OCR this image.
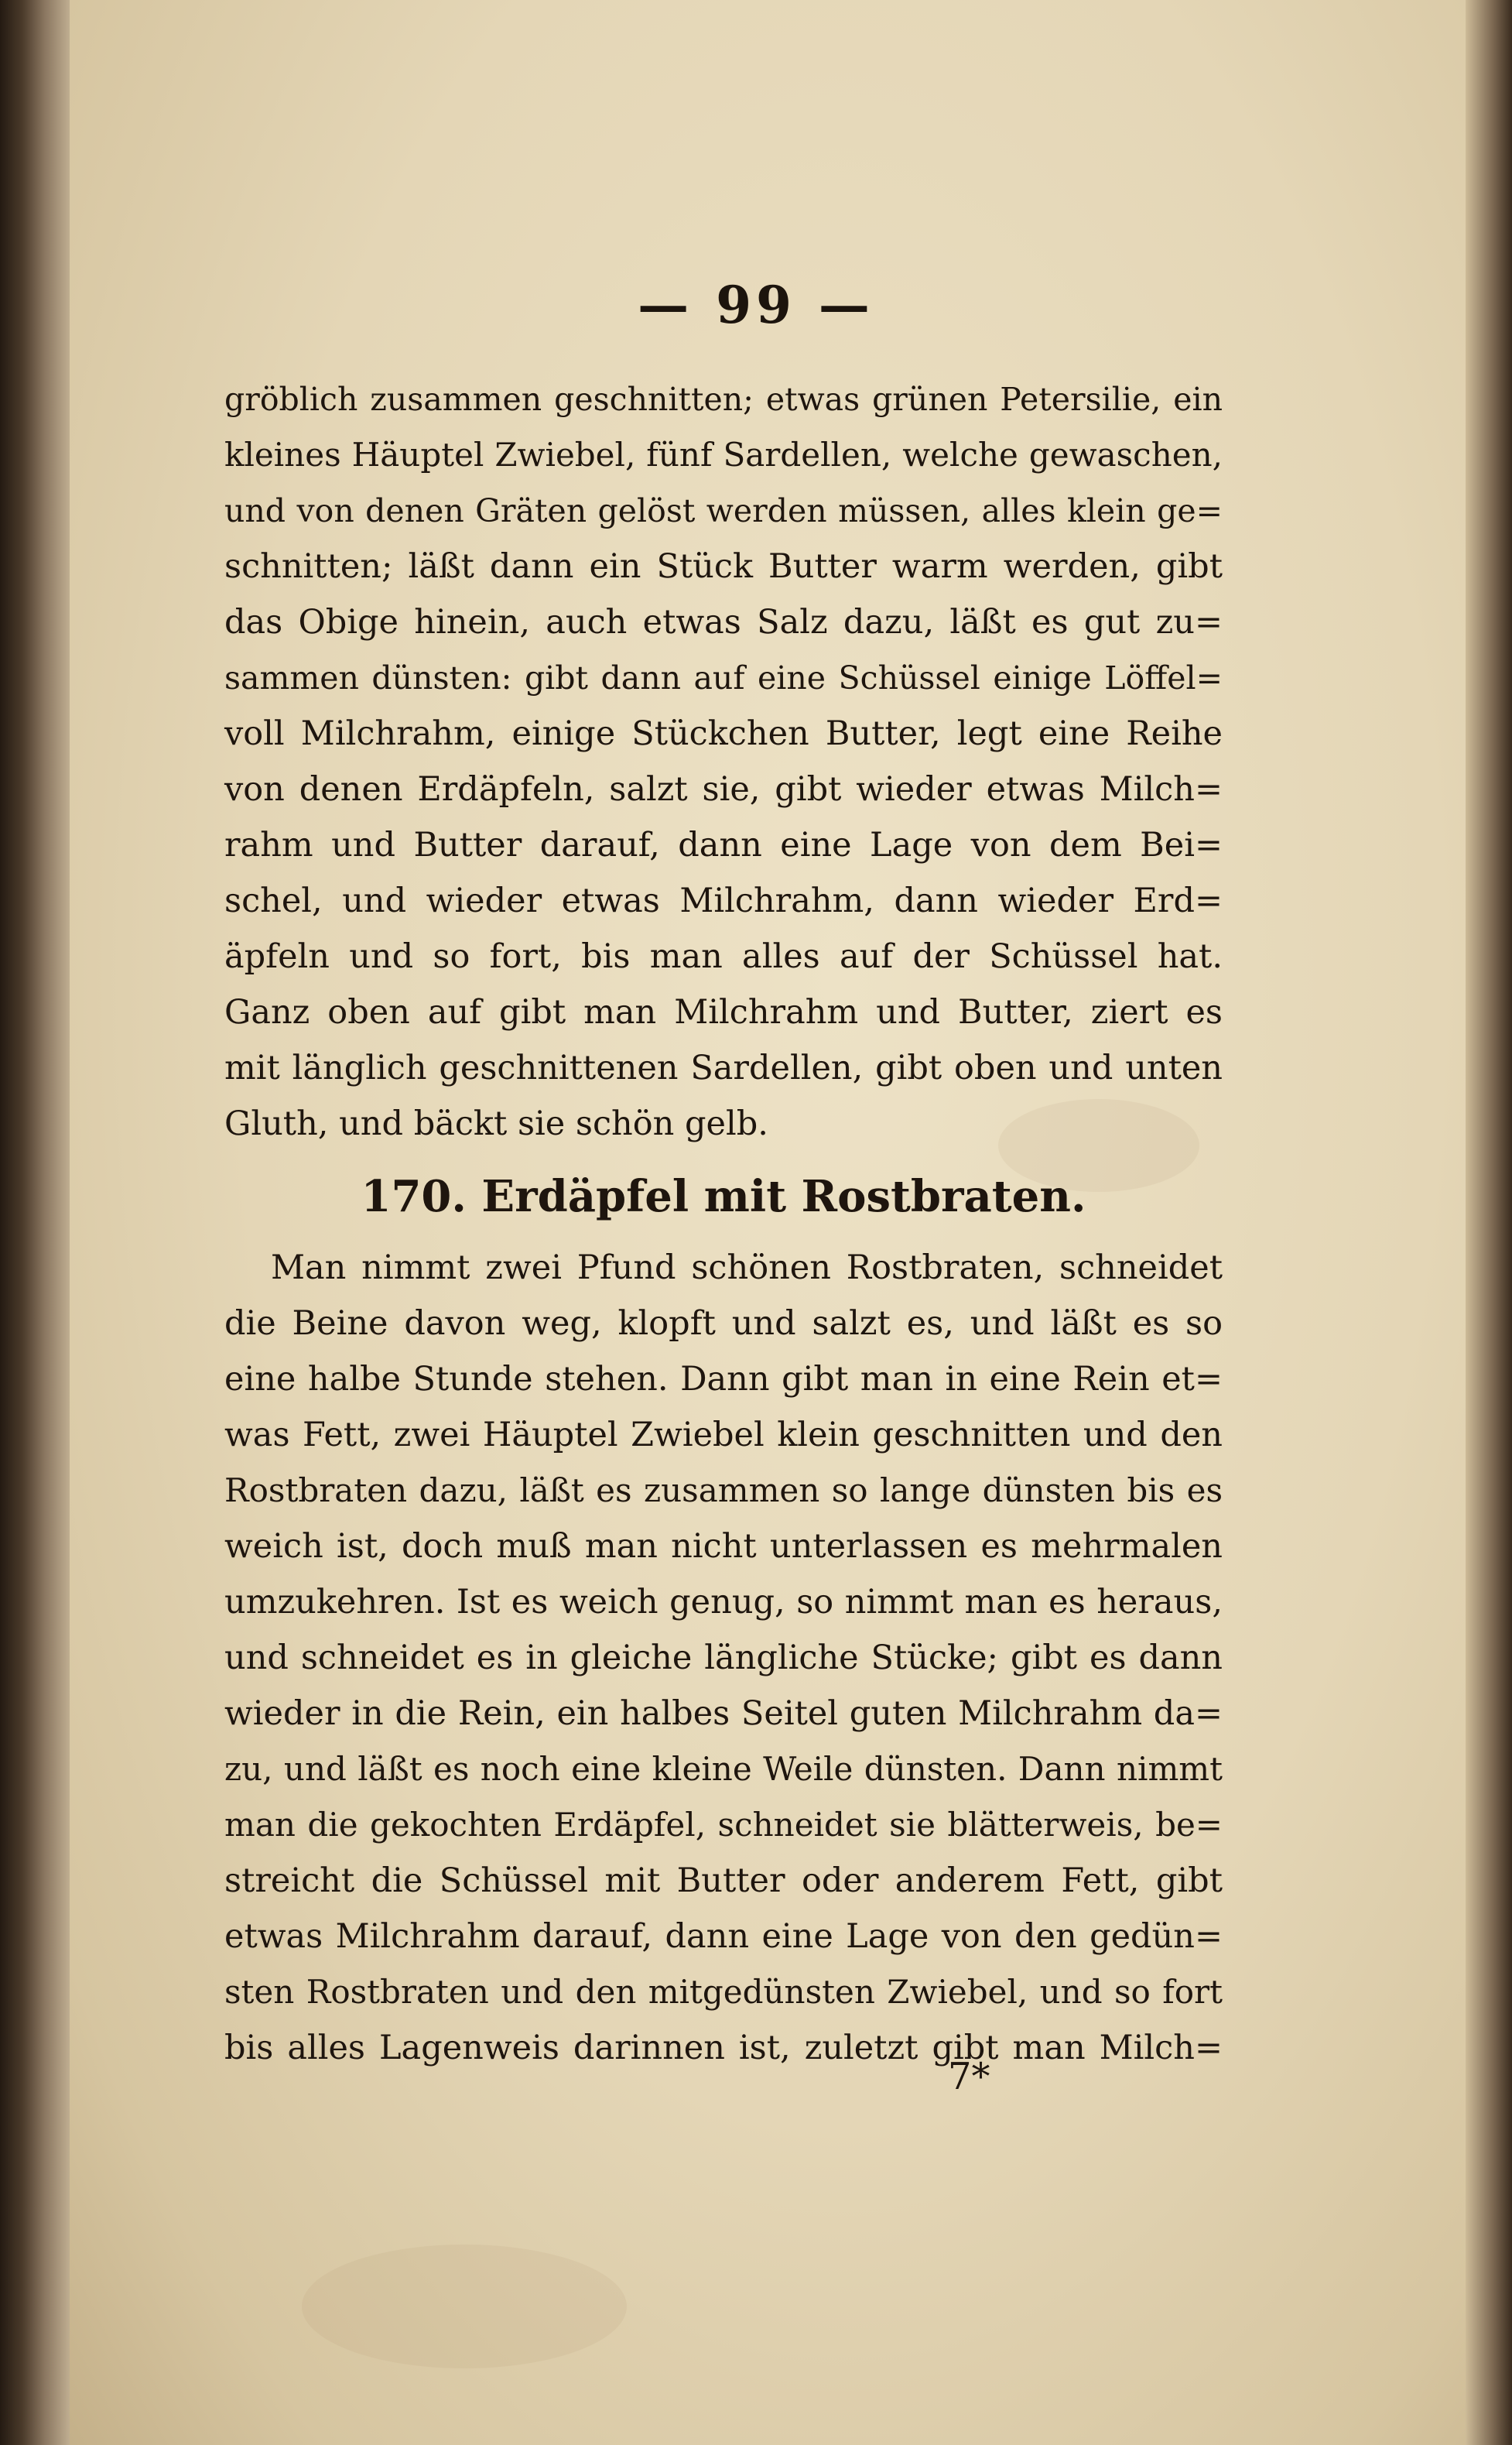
— 99 —
gröblich zusammen geschnitten; etwas grünen Petersilie, ein
kleines Häuptel Zwiebel, fünf Sardellen, welche gewaschen,
und von denen Gräten gelöst werden müssen, alles klein ge=
schnitten; läßt dann ein Stück Butter warm werden, gibt
das Obige hinein, auch etwas Salz dazu, läßt es gut zu=
sammen dünsten: gibt dann auf eine Schüssel einige Löffel=
voll Milchrahm, einige Stückchen Butter, legt eine Reihe
von denen Erdäpfeln, salzt sie, gibt wieder etwas Milch=
rahm und Butter darauf, dann eine Lage von dem Bei=
schel, und wieder etwas Milchrahm, dann wieder Erd=
äpfeln und so fort, bis man alles auf der Schüssel hat.
Ganz oben auf gibt man Milchrahm und Butter, ziert es
mit länglich geschnittenen Sardellen, gibt oben und unten
Gluth, und bäckt sie schön gelb.
170. Erdäpfel mit Rostbraten.
Man nimmt zwei Pfund schönen Rostbraten, schneidet
die Beine davon weg, klopft und salzt es, und läßt es so
eine halbe Stunde stehen. Dann gibt man in eine Rein et=
was Fett, zwei Häuptel Zwiebel klein geschnitten und den
Rostbraten dazu, läßt es zusammen so lange dünsten bis es
weich ist, doch muß man nicht unterlassen es mehrmalen
umzukehren. Ist es weich genug, so nimmt man es heraus,
und schneidet es in gleiche längliche Stücke; gibt es dann
wieder in die Rein, ein halbes Seitel guten Milchrahm da=
zu, und läßt es noch eine kleine Weile dünsten. Dann nimmt
man die gekochten Erdäpfel, schneidet sie blätterweis, be=
streicht die Schüssel mit Butter oder anderem Fett, gibt
etwas Milchrahm darauf, dann eine Lage von den gedün=
sten Rostbraten und den mitgedünsten Zwiebel, und so fort
bis alles Lagenweis darinnen ist, zuletzt gibt man Milch=
7*
